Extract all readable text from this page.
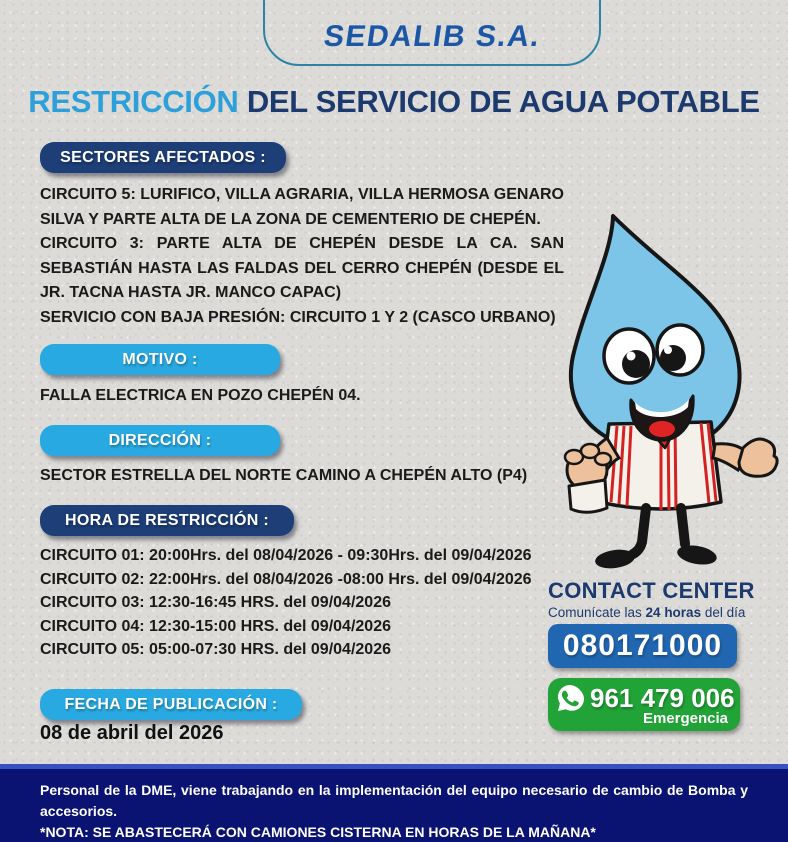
SEDALIB S.A.
RESTRICCIÓN DEL SERVICIO DE AGUA POTABLE
SECTORES AFECTADOS :

CIRCUITO 5: LURIFICO, VILLA AGRARIA, VILLA HERMOSA GENARO SILVA Y PARTE ALTA DE LA ZONA DE CEMENTERIO DE CHEPÉN.

CIRCUITO 3: PARTE ALTA DE CHEPÉN DESDE LA CA. SAN SEBASTIÁN HASTA LAS FALDAS DEL CERRO CHEPÉN (DESDE EL JR. TACNA HASTA JR. MANCO CAPAC)

SERVICIO CON BAJA PRESIÓN: CIRCUITO 1 Y 2 (CASCO URBANO)

MOTIVO :
FALLA ELECTRICA EN POZO CHEPÉN 04.
DIRECCIÓN :
SECTOR ESTRELLA DEL NORTE CAMINO A CHEPÉN ALTO (P4)
HORA DE RESTRICCIÓN :
CIRCUITO 01: 20:00Hrs. del 08/04/2026 - 09:30Hrs. del 09/04/2026
CIRCUITO 02: 22:00Hrs. del 08/04/2026 -08:00 Hrs. del 09/04/2026
CIRCUITO 03: 12:30-16:45 HRS. del 09/04/2026
CIRCUITO 04: 12:30-15:00 HRS. del 09/04/2026
CIRCUITO 05: 05:00-07:30 HRS. del 09/04/2026
CONTACT CENTER
Comunícate las 24 horas del día
080171000
961 479 006
Emergencia
FECHA DE PUBLICACIÓN :
08 de abril del 2026

Personal de la DME, viene trabajando en la implementación del equipo necesario de cambio de Bomba y accesorios.

*NOTA: SE ABASTECERÁ CON CAMIONES CISTERNA EN HORAS DE LA MAÑANA*
